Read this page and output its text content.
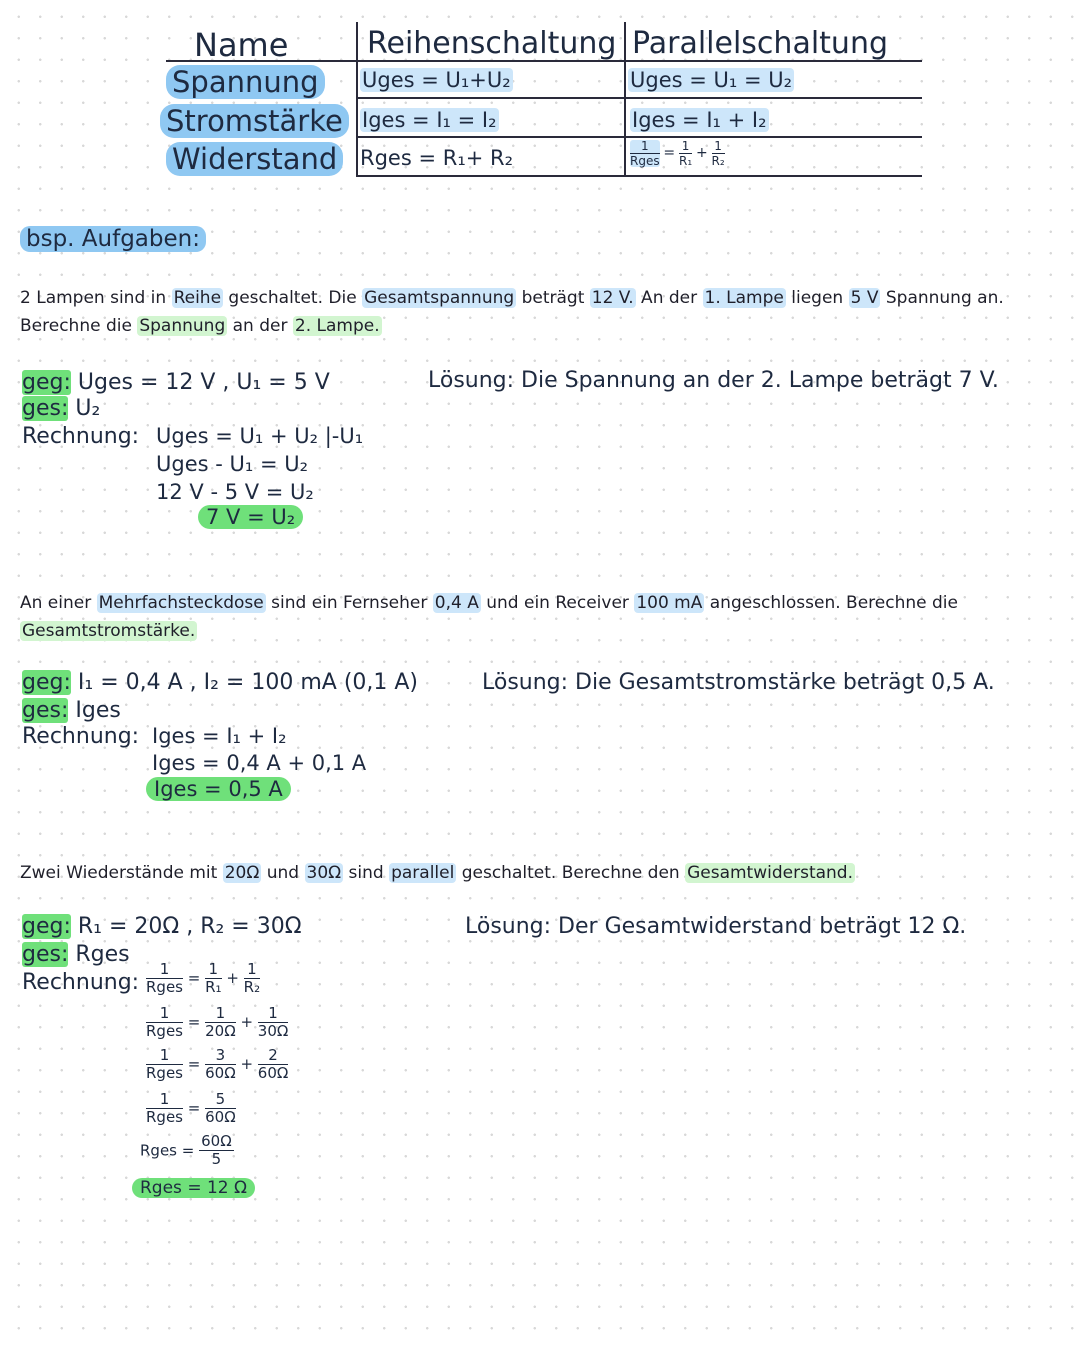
Name	Reihenschaltung Parallelschaltung
Spannung
Stromstärke
Widerstand
Uges = U₁+U₂
Iges = I₁ = I₂
Rges = R₁+ R₂
Uges = U₁ = U₂
Iges = I₁ + I₂
$\frac{1}{\text{Rges}} = \frac{1}{\text{R₁}} + \frac{1}{\text{R₂}}$
bsp. Aufgaben:
2 Lampen sind in Reihe geschaltet. Die Gesamtspannung beträgt 12 V. An der 1. Lampe liegen 5 V Spannung an.
Berechne die Spannung an der 2. Lampe.
geg: Uges = 12 V , U₁ = 5 V
ges: U₂
Rechnung: Uges = U₁ + U₂ |-U₁
Uges - U₁ = U₂
12 V - 5 V = U₂
7 V = U₂
Lösung: Die Spannung an der 2. Lampe beträgt 7 V.
An einer Mehrfachsteckdose sind ein Fernseher 0,4 A und ein Receiver 100 mA angeschlossen. Berechne die
Gesamtstromstärke.
geg: I₁ = 0,4 A , I₂ = 100 mA (0,1 A)
ges: Iges
Rechnung: Iges = I₁ + I₂
Iges = 0,4 A + 0,1 A
Iges = 0,5 A
Lösung: Die Gesamtstromstärke beträgt 0,5 A.
Zwei Wiederstände mit 20Ω und 30Ω sind parallel geschaltet. Berechne den Gesamtwiderstand.
geg: R₁ = 20Ω , R₂ = 30Ω
ges: Rges
Rechnung: $\frac{1}{\text{Rges}} = \frac{1}{\text{R₁}} + \frac{1}{\text{R₂}}$
$\frac{1}{\text{Rges}} = \frac{1}{20\Omega} + \frac{1}{30\Omega}$
$\frac{1}{\text{Rges}} = \frac{3}{60\Omega} + \frac{2}{60\Omega}$
$\frac{1}{\text{Rges}} = \frac{5}{60\Omega}$
Rges = $\frac{60\Omega}{5}$
Rges = 12 Ω
Lösung: Der Gesamtwiderstand beträgt 12 Ω.
